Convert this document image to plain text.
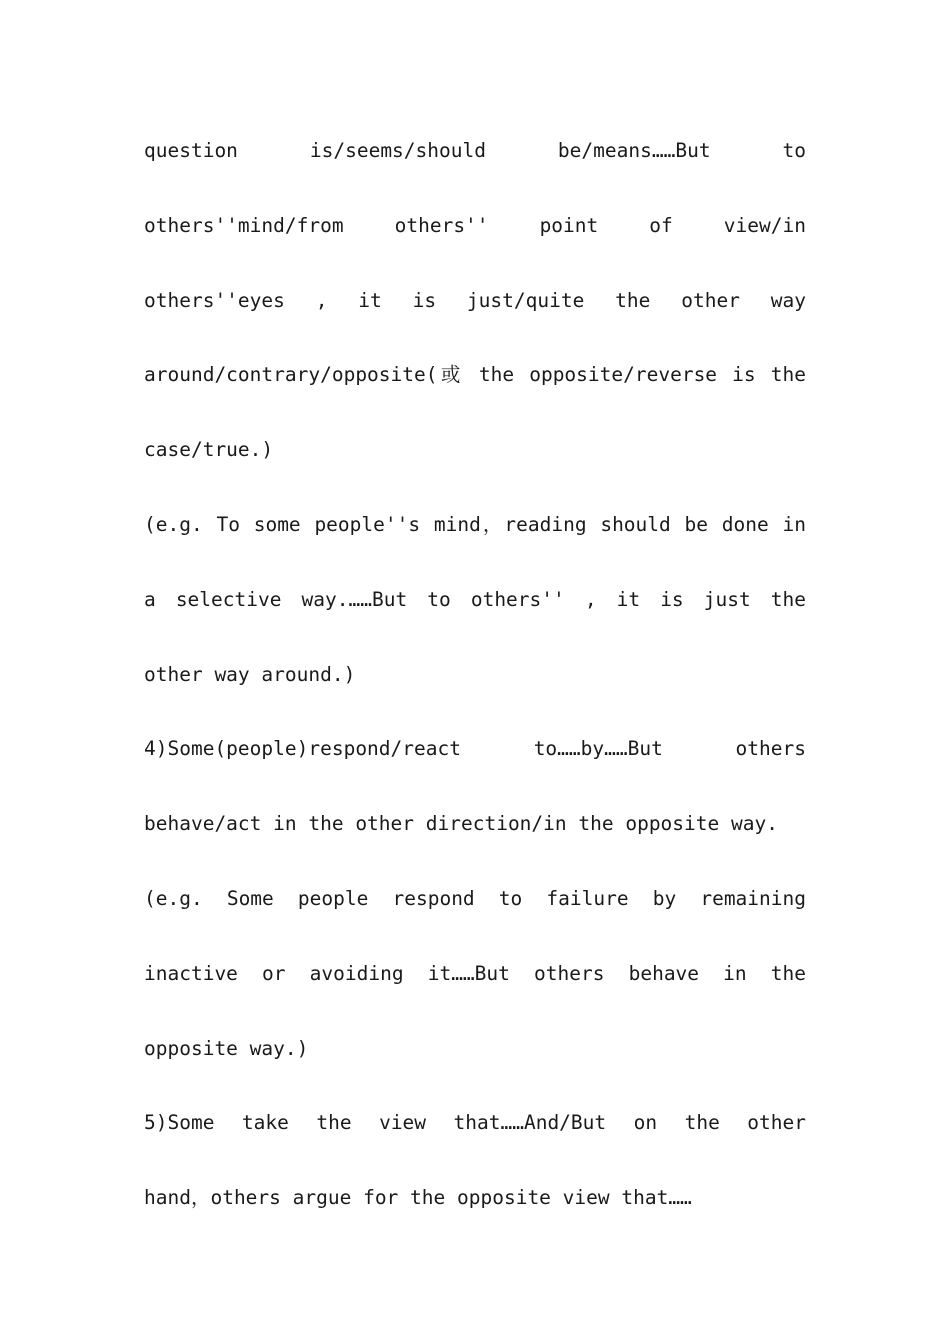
question is/seems/should be/means……But to
others''mind/from others'' point of view/in
others''eyes , it is just/quite the other way
around/contrary/opposite(或 the opposite/reverse is the
case/true.)
(e.g. To some people''s mind，reading should be done in
a selective way.……But to others'' , it is just the
other way around.)
4)Some(people)respond/react to……by……But others
behave/act in the other direction/in the opposite way.
(e.g. Some people respond to failure by remaining
inactive or avoiding it……But others behave in the
opposite way.)
5)Some take the view that……And/But on the other
hand，others argue for the opposite view that……
